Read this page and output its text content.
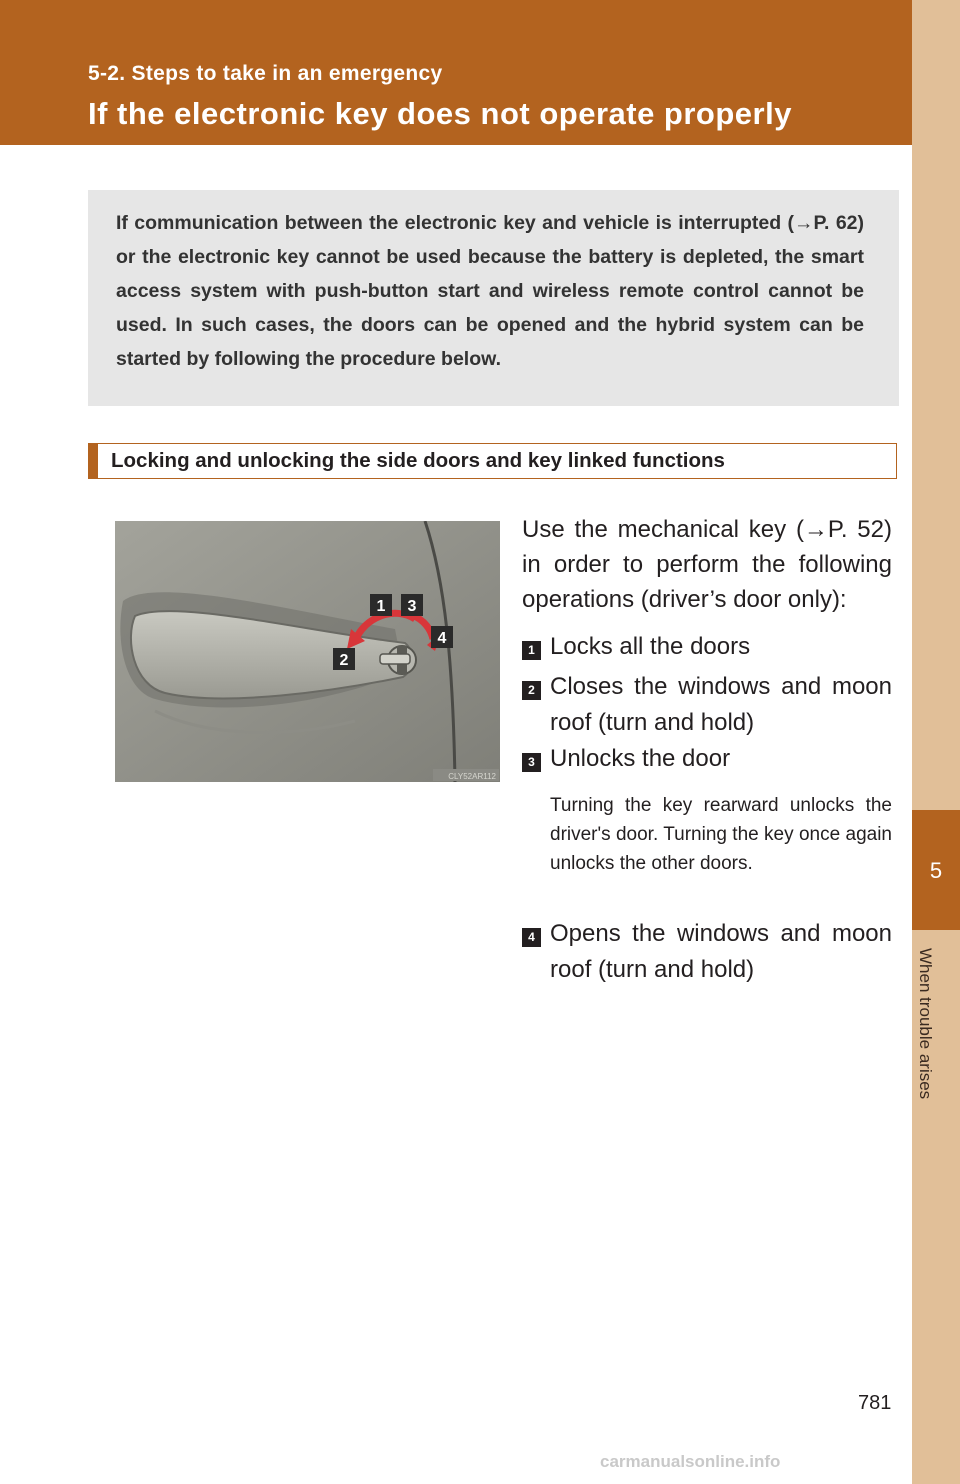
5-2. Steps to take in an emergency
If the electronic key does not operate properly
5
When trouble arises
If communication between the electronic key and vehicle is interrupted (→P. 62) or the electronic key cannot be used because the battery is depleted, the smart access system with push-button start and wireless remote control cannot be used. In such cases, the doors can be opened and the hybrid system can be started by following the procedure below.
Locking and unlocking the side doors and key linked functions
1
2
3
4
CLY52AR112
Use the mechanical key (→P. 52) in order to perform the following operations (driver’s door only):
1 Locks all the doors
2 Closes the windows and moon roof (turn and hold)
3 Unlocks the door
Turning the key rearward unlocks the driver's door. Turning the key once again unlocks the other doors.
4 Opens the windows and moon roof (turn and hold)
781
carmanualsonline.info
